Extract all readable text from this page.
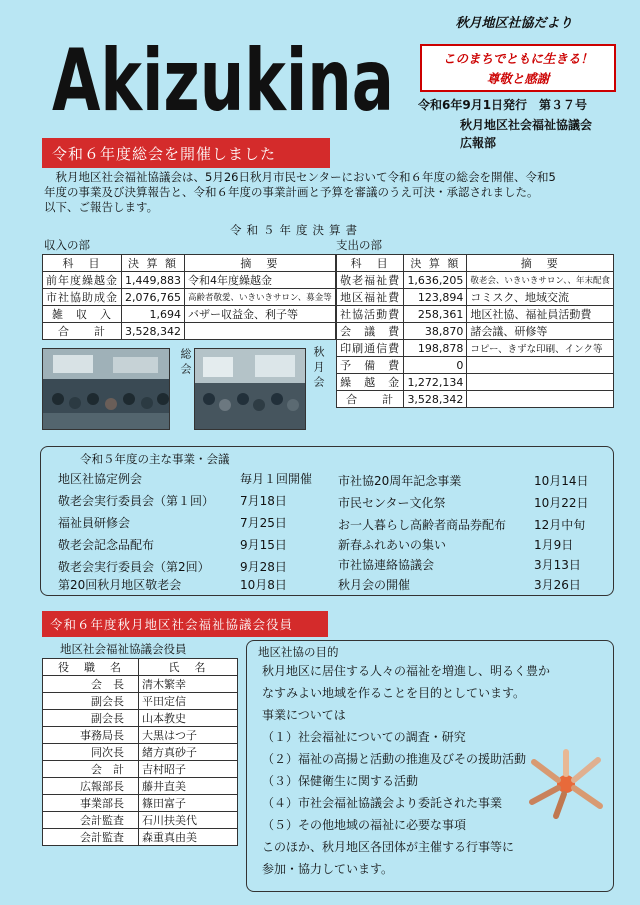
Akizukina
秋月地区社協だより
このまちでともに生きる！
尊敬と感謝
令和6年9月1日発行　第３７号
秋月地区社会福祉協議会
広報部
令和６年度総会を開催しました
　秋月地区社会福祉協議会は、5月26日秋月市民センターにおいて令和６年度の総会を開催、令和5
年度の事業及び決算報告と、令和６年度の事業計画と予算を審議のうえ可決・承認されました。
以下、ご報告します。
令和５年度決算書
収入の部
科　目	決 算 額	摘　要
前年度繰越金	1,449,883	令和4年度繰越金
市社協助成金	2,076,765	高齢者敬愛、いきいきサロン、募金等
雑　収　入	1,694	バザー収益金、利子等
合　　計	3,528,342	
総会	秋月会
支出の部
科　目	決 算 額	摘　要
敬老福祉費	1,636,205	敬老会、いきいきサロン、、年末配食
地区福祉費	123,894	コミスク、地域交流
社協活動費	258,361	地区社協、福祉員活動費
会　議　費	38,870	諸会議、研修等
印刷通信費	198,878	コピー、きずな印刷、インク等
予　備　費	0	
繰　越　金	1,272,134	
合　　計	3,528,342	
令和５年度の主な事業・会議
地区社協定例会	毎月１回開催
敬老会実行委員会（第１回） 7月18日
福祉員研修会	7月25日
敬老会記念品配布	9月15日
敬老会実行委員会（第2回）	9月28日
第20回秋月地区敬老会	10月8日
市社協20周年記念事業	10月14日
市民センター文化祭	10月22日
お一人暮らし高齢者商品券配布 12月中旬
新春ふれあいの集い	1月9日
市社協連絡協議会	3月13日
秋月会の開催	3月26日
令和６年度秋月地区社会福祉協議会役員
地区社会福祉協議会役員
役　職　名	氏　名
会　長	清木繁幸
副会長	平田定信
副会長	山本教史
事務局長	大黒はつ子
同次長	緒方真砂子
会　計	吉村昭子
広報部長	藤井直美
事業部長	篠田富子
会計監査	石川扶美代
会計監査	森重真由美
地区社協の目的
秋月地区に居住する人々の福祉を増進し、明るく豊か
なすみよい地域を作ることを目的としています。
事業については
（１）社会福祉についての調査・研究
（２）福祉の高揚と活動の推進及びその援助活動
（３）保健衛生に関する活動
（４）市社会福祉協議会より委託された事業
（５）その他地域の福祉に必要な事項
このほか、秋月地区各団体が主催する行事等に
参加・協力しています。
